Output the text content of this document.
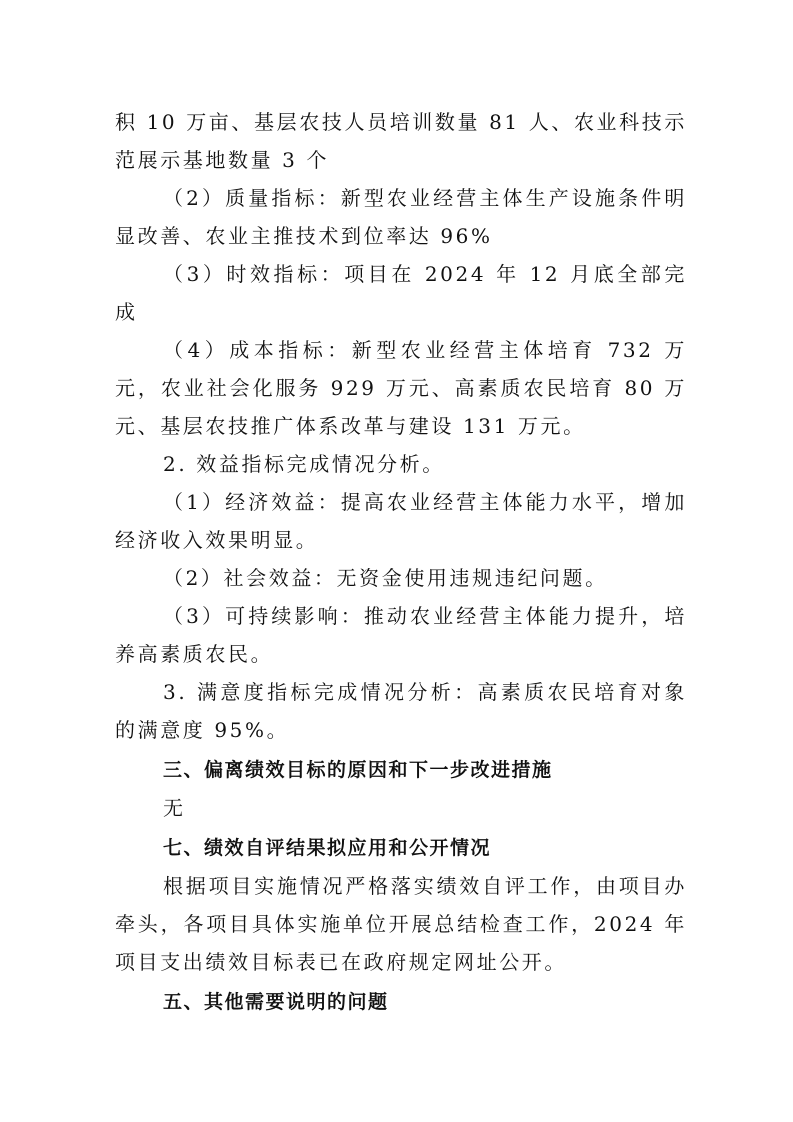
积 10 万亩、基层农技人员培训数量 81 人、农业科技示范展示基地数量 3 个

（2）质量指标：新型农业经营主体生产设施条件明显改善、农业主推技术到位率达 96%

（3）时效指标：项目在 2024 年 12 月底全部完成

（4）成本指标：新型农业经营主体培育 732 万元，农业社会化服务 929 万元、高素质农民培育 80 万元、基层农技推广体系改革与建设 131 万元。

2. 效益指标完成情况分析。

（1）经济效益：提高农业经营主体能力水平，增加经济收入效果明显。

（2）社会效益：无资金使用违规违纪问题。

（3）可持续影响：推动农业经营主体能力提升，培养高素质农民。

3. 满意度指标完成情况分析：高素质农民培育对象的满意度 95%。

三、偏离绩效目标的原因和下一步改进措施

无

七、绩效自评结果拟应用和公开情况

根据项目实施情况严格落实绩效自评工作，由项目办牵头，各项目具体实施单位开展总结检查工作，2024 年项目支出绩效目标表已在政府规定网址公开。

五、其他需要说明的问题
